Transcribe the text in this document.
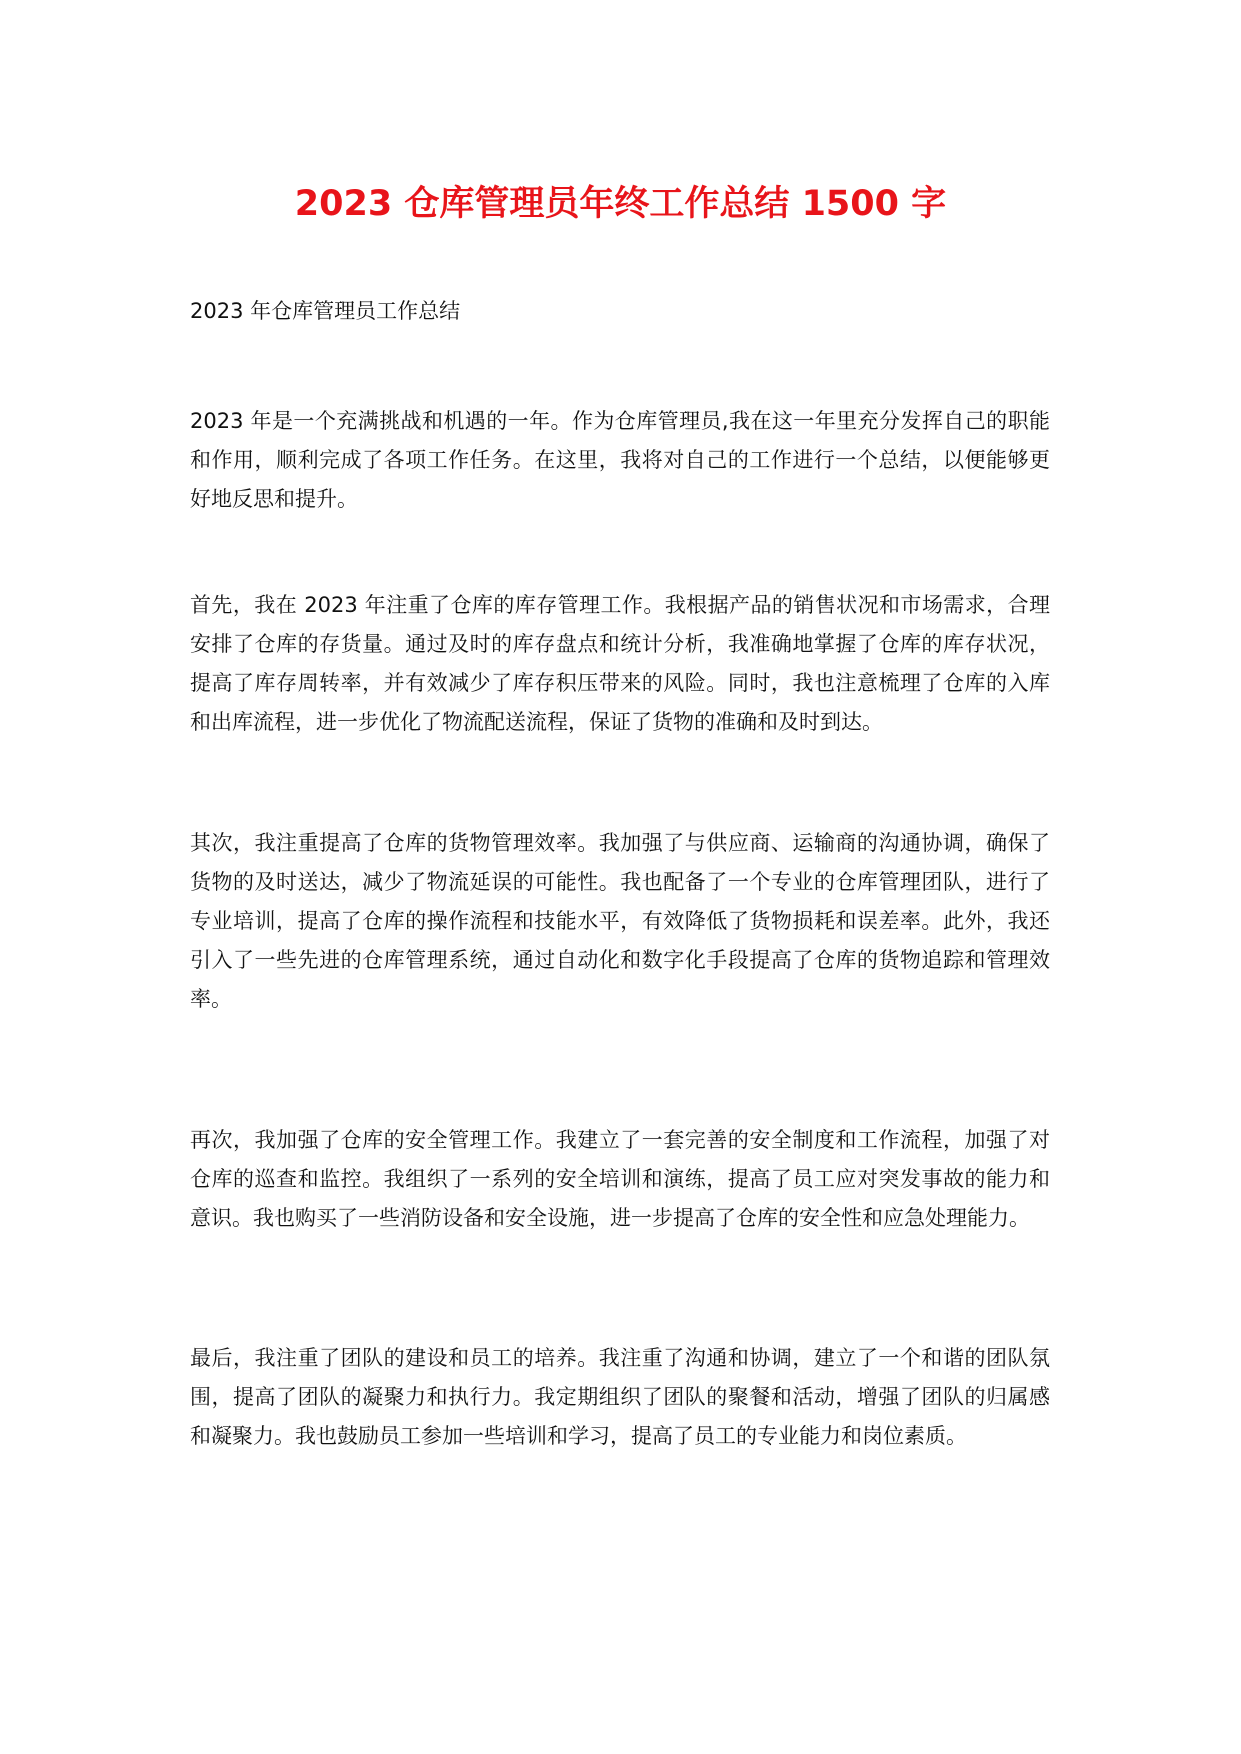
2023 仓库管理员年终工作总结 1500 字

2023 年仓库管理员工作总结

2023 年是一个充满挑战和机遇的一年。作为仓库管理员,我在这一年里充分发挥自己的职能和作用，顺利完成了各项工作任务。在这里，我将对自己的工作进行一个总结，以便能够更好地反思和提升。

首先，我在 2023 年注重了仓库的库存管理工作。我根据产品的销售状况和市场需求，合理安排了仓库的存货量。通过及时的库存盘点和统计分析，我准确地掌握了仓库的库存状况，提高了库存周转率，并有效减少了库存积压带来的风险。同时，我也注意梳理了仓库的入库和出库流程，进一步优化了物流配送流程，保证了货物的准确和及时到达。

其次，我注重提高了仓库的货物管理效率。我加强了与供应商、运输商的沟通协调，确保了货物的及时送达，减少了物流延误的可能性。我也配备了一个专业的仓库管理团队，进行了专业培训，提高了仓库的操作流程和技能水平，有效降低了货物损耗和误差率。此外，我还引入了一些先进的仓库管理系统，通过自动化和数字化手段提高了仓库的货物追踪和管理效率。

再次，我加强了仓库的安全管理工作。我建立了一套完善的安全制度和工作流程，加强了对仓库的巡查和监控。我组织了一系列的安全培训和演练，提高了员工应对突发事故的能力和意识。我也购买了一些消防设备和安全设施，进一步提高了仓库的安全性和应急处理能力。

最后，我注重了团队的建设和员工的培养。我注重了沟通和协调，建立了一个和谐的团队氛围，提高了团队的凝聚力和执行力。我定期组织了团队的聚餐和活动，增强了团队的归属感和凝聚力。我也鼓励员工参加一些培训和学习，提高了员工的专业能力和岗位素质。
